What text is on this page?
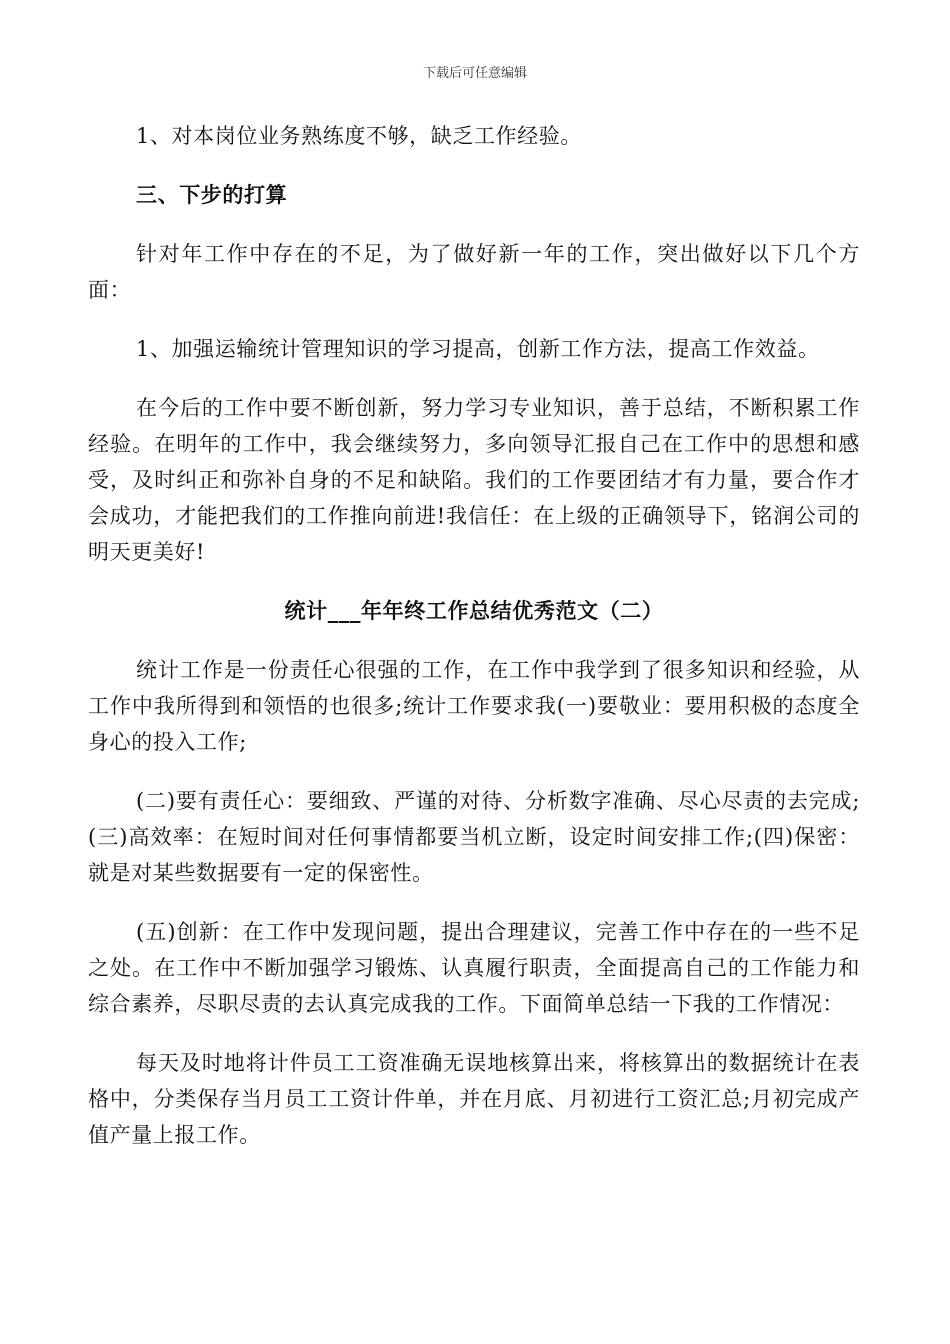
下载后可任意编辑

1、对本岗位业务熟练度不够，缺乏工作经验。

三、下步的打算

针对年工作中存在的不足，为了做好新一年的工作，突出做好以下几个方面：

1、加强运输统计管理知识的学习提高，创新工作方法，提高工作效益。

在今后的工作中要不断创新，努力学习专业知识，善于总结，不断积累工作经验。在明年的工作中，我会继续努力，多向领导汇报自己在工作中的思想和感受，及时纠正和弥补自身的不足和缺陷。我们的工作要团结才有力量，要合作才会成功，才能把我们的工作推向前进!我信任：在上级的正确领导下，铭润公司的明天更美好!

统计___年年终工作总结优秀范文（二）

统计工作是一份责任心很强的工作，在工作中我学到了很多知识和经验，从工作中我所得到和领悟的也很多;统计工作要求我(一)要敬业：要用积极的态度全身心的投入工作;

(二)要有责任心：要细致、严谨的对待、分析数字准确、尽心尽责的去完成;(三)高效率：在短时间对任何事情都要当机立断，设定时间安排工作;(四)保密：就是对某些数据要有一定的保密性。

(五)创新：在工作中发现问题，提出合理建议，完善工作中存在的一些不足之处。在工作中不断加强学习锻炼、认真履行职责，全面提高自己的工作能力和综合素养，尽职尽责的去认真完成我的工作。下面简单总结一下我的工作情况：

每天及时地将计件员工工资准确无误地核算出来，将核算出的数据统计在表格中，分类保存当月员工工资计件单，并在月底、月初进行工资汇总;月初完成产值产量上报工作。
